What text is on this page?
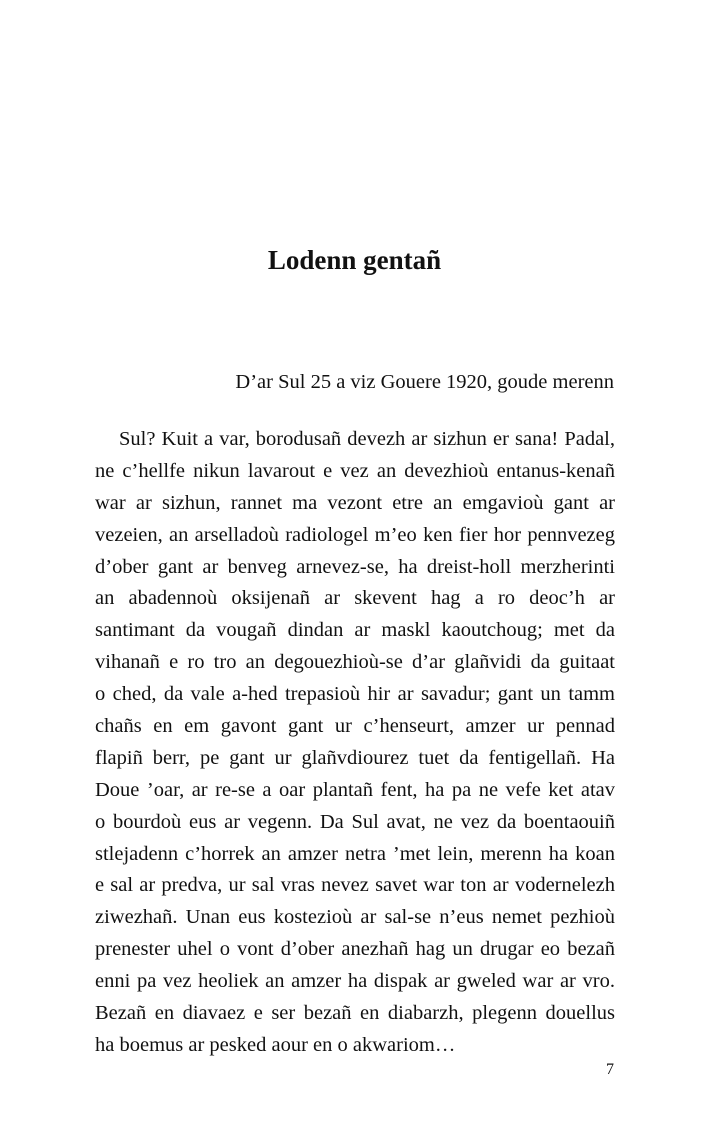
Lodenn gentañ

D’ar Sul 25 a viz Gouere 1920, goude merenn

Sul? Kuit a var, borodusañ devezh ar sizhun er sana! Padal,
ne c’hellfe nikun lavarout e vez an devezhioù entanus-kenañ
war ar sizhun, rannet ma vezont etre an emgavioù gant ar
vezeien, an arselladoù radiologel m’eo ken fier hor pennvezeg
d’ober gant ar benveg arnevez-se, ha dreist-holl merzherinti
an abadennoù oksijenañ ar skevent hag a ro deoc’h ar
santimant da vougañ dindan ar maskl kaoutchoug; met da
vihanañ e ro tro an degouezhioù-se d’ar glañvidi da guitaat
o ched, da vale a-hed trepasioù hir ar savadur; gant un tamm
chañs en em gavont gant ur c’henseurt, amzer ur pennad
flapiñ berr, pe gant ur glañvdiourez tuet da fentigellañ. Ha
Doue ’oar, ar re-se a oar plantañ fent, ha pa ne vefe ket atav
o bourdoù eus ar vegenn. Da Sul avat, ne vez da boentaouiñ
stlejadenn c’horrek an amzer netra ’met lein, merenn ha koan
e sal ar predva, ur sal vras nevez savet war ton ar vodernelezh
ziwezhañ. Unan eus kostezioù ar sal-se n’eus nemet pezhioù
prenester uhel o vont d’ober anezhañ hag un drugar eo bezañ
enni pa vez heoliek an amzer ha dispak ar gweled war ar vro.
Bezañ en diavaez e ser bezañ en diabarzh, plegenn douellus
ha boemus ar pesked aour en o akwariom…

7
